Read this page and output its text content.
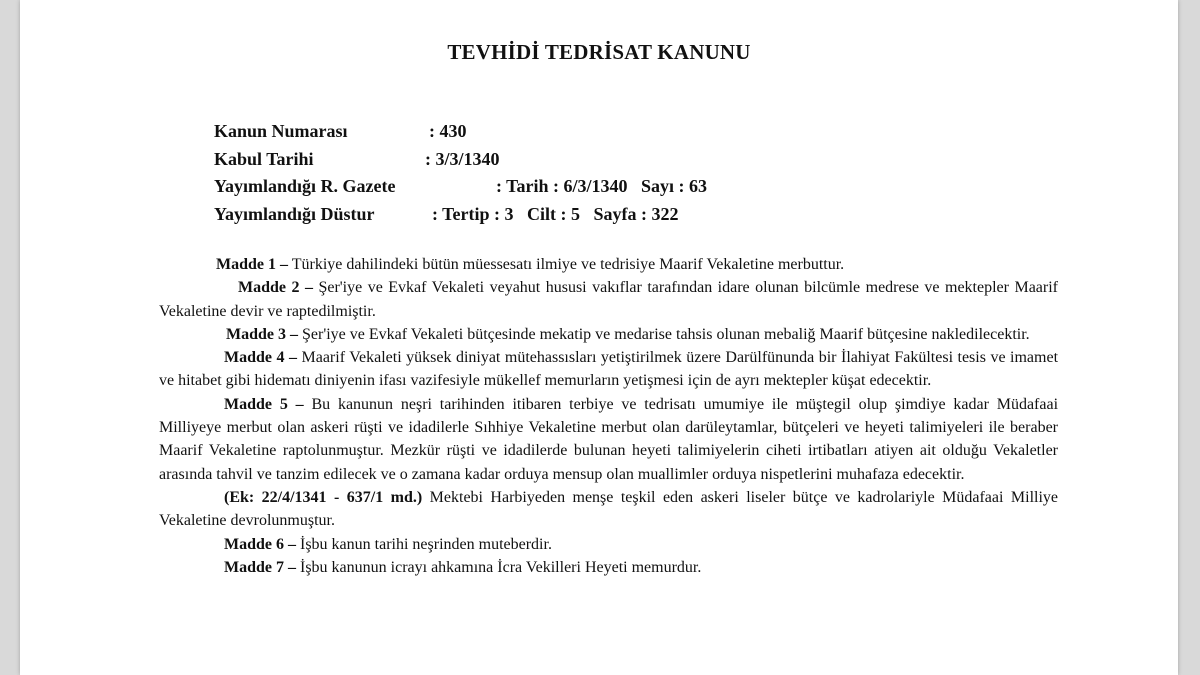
TEVHİDİ TEDRİSAT KANUNU
Kanun Numarası	: 430
Kabul Tarihi	: 3/3/1340
Yayımlandığı R. Gazete	: Tarih : 6/3/1340   Sayı : 63
Yayımlandığı Düstur	: Tertip : 3   Cilt : 5   Sayfa : 322

Madde 1 – Türkiye dahilindeki bütün müessesatı ilmiye ve tedrisiye Maarif Vekaletine merbuttur.

Madde 2 – Şer'iye ve Evkaf Vekaleti veyahut hususi vakıflar tarafından idare olunan bilcümle medrese ve mektepler Maarif Vekaletine devir ve raptedilmiştir.

Madde 3 – Şer'iye ve Evkaf Vekaleti bütçesinde mekatip ve medarise tahsis olunan mebaliğ Maarif bütçesine nakledilecektir.

Madde 4 – Maarif Vekaleti yüksek diniyat mütehassısları yetiştirilmek üzere Darülfünunda bir İlahiyat Fakültesi tesis ve imamet ve hitabet gibi hidematı diniyenin ifası vazifesiyle mükellef memurların yetişmesi için de ayrı mektepler küşat edecektir.

Madde 5 – Bu kanunun neşri tarihinden itibaren terbiye ve tedrisatı umumiye ile müştegil olup şimdiye kadar Müdafaai Milliyeye merbut olan askeri rüşti ve idadilerle Sıhhiye Vekaletine merbut olan darüleytamlar, bütçeleri ve heyeti talimiyeleri ile beraber Maarif Vekaletine raptolunmuştur. Mezkür rüşti ve idadilerde bulunan heyeti talimiyelerin ciheti irtibatları atiyen ait olduğu Vekaletler arasında tahvil ve tanzim edilecek ve o zamana kadar orduya mensup olan muallimler orduya nispetlerini muhafaza edecektir.

(Ek: 22/4/1341 - 637/1 md.) Mektebi Harbiyeden menşe teşkil eden askeri liseler bütçe ve kadrolariyle Müdafaai Milliye Vekaletine devrolunmuştur.

Madde 6 – İşbu kanun tarihi neşrinden muteberdir.

Madde 7 – İşbu kanunun icrayı ahkamına İcra Vekilleri Heyeti memurdur.
